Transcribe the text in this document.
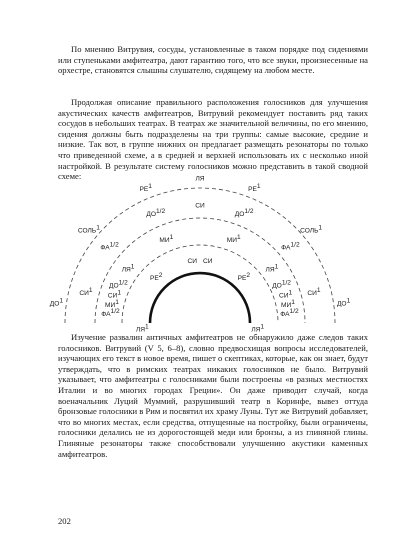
По мнению Витрувия, сосуды, установленные в таком порядке под сидениями или ступеньками амфитеатра, дают гарантию того, что все звуки, произнесенные на орхестре, становятся слышны слушателю, сидящему на любом месте.

Продолжая описание правильного расположения голосников для улучшения акустических качеств амфитеатров, Витрувий рекомендует поставить ряд таких сосудов в небольших театрах. В театрах же значительной величины, по его мнению, сидения должны быть подразделены на три группы: самые высокие, средние и низкие. Так вот, в группе нижних он предлагает размещать резонаторы по только что приведенной схеме, а в средней и верхней использовать их с несколько иной настройкой. В результате систему голосников можно представить в такой сводной схеме:	ЛЯ
РЕ1	РЕ1
СОЛЬ1	СОЛЬ1
ДО1	ДО1
СИ
ДО1/2	ДО1/2
ФА1/2	ФА1/2
СИ1	СИ1
МИ1	МИ1
ЛЯ1	ЛЯ1
ДО1/2	ДО1/2
СИ1	СИ1
МИ1	МИ1
ФА1/2	ФА1/2
СИ СИ
ЛЯ1	ЛЯ1
РЕ2	РЕ2

Изучение развалин античных амфитеатров не обнаружило даже следов таких голосников. Витрувий (V 5, 6–8), словно предвосхищая вопросы исследователей, изучающих его текст в новое время, пишет о скептиках, которые, как он знает, будут утверждать, что в римских театрах никаких голосников не было. Витрувий указывает, что амфитеатры с голосниками были построены «в разных местностях Италии и во многих городах Греции». Он даже приводит случай, когда военачальник Луций Муммий, разрушивший театр в Коринфе, вывез оттуда бронзовые голосники в Рим и посвятил их храму Луны. Тут же Витрувий добавляет, что во многих местах, если средства, отпущенные на постройку, были ограничены, голосники делались не из дорогостоящей меди или бронзы, а из глиняной глины. Глиняные резонаторы также способствовали улучшению акустики каменных амфитеатров.

202
